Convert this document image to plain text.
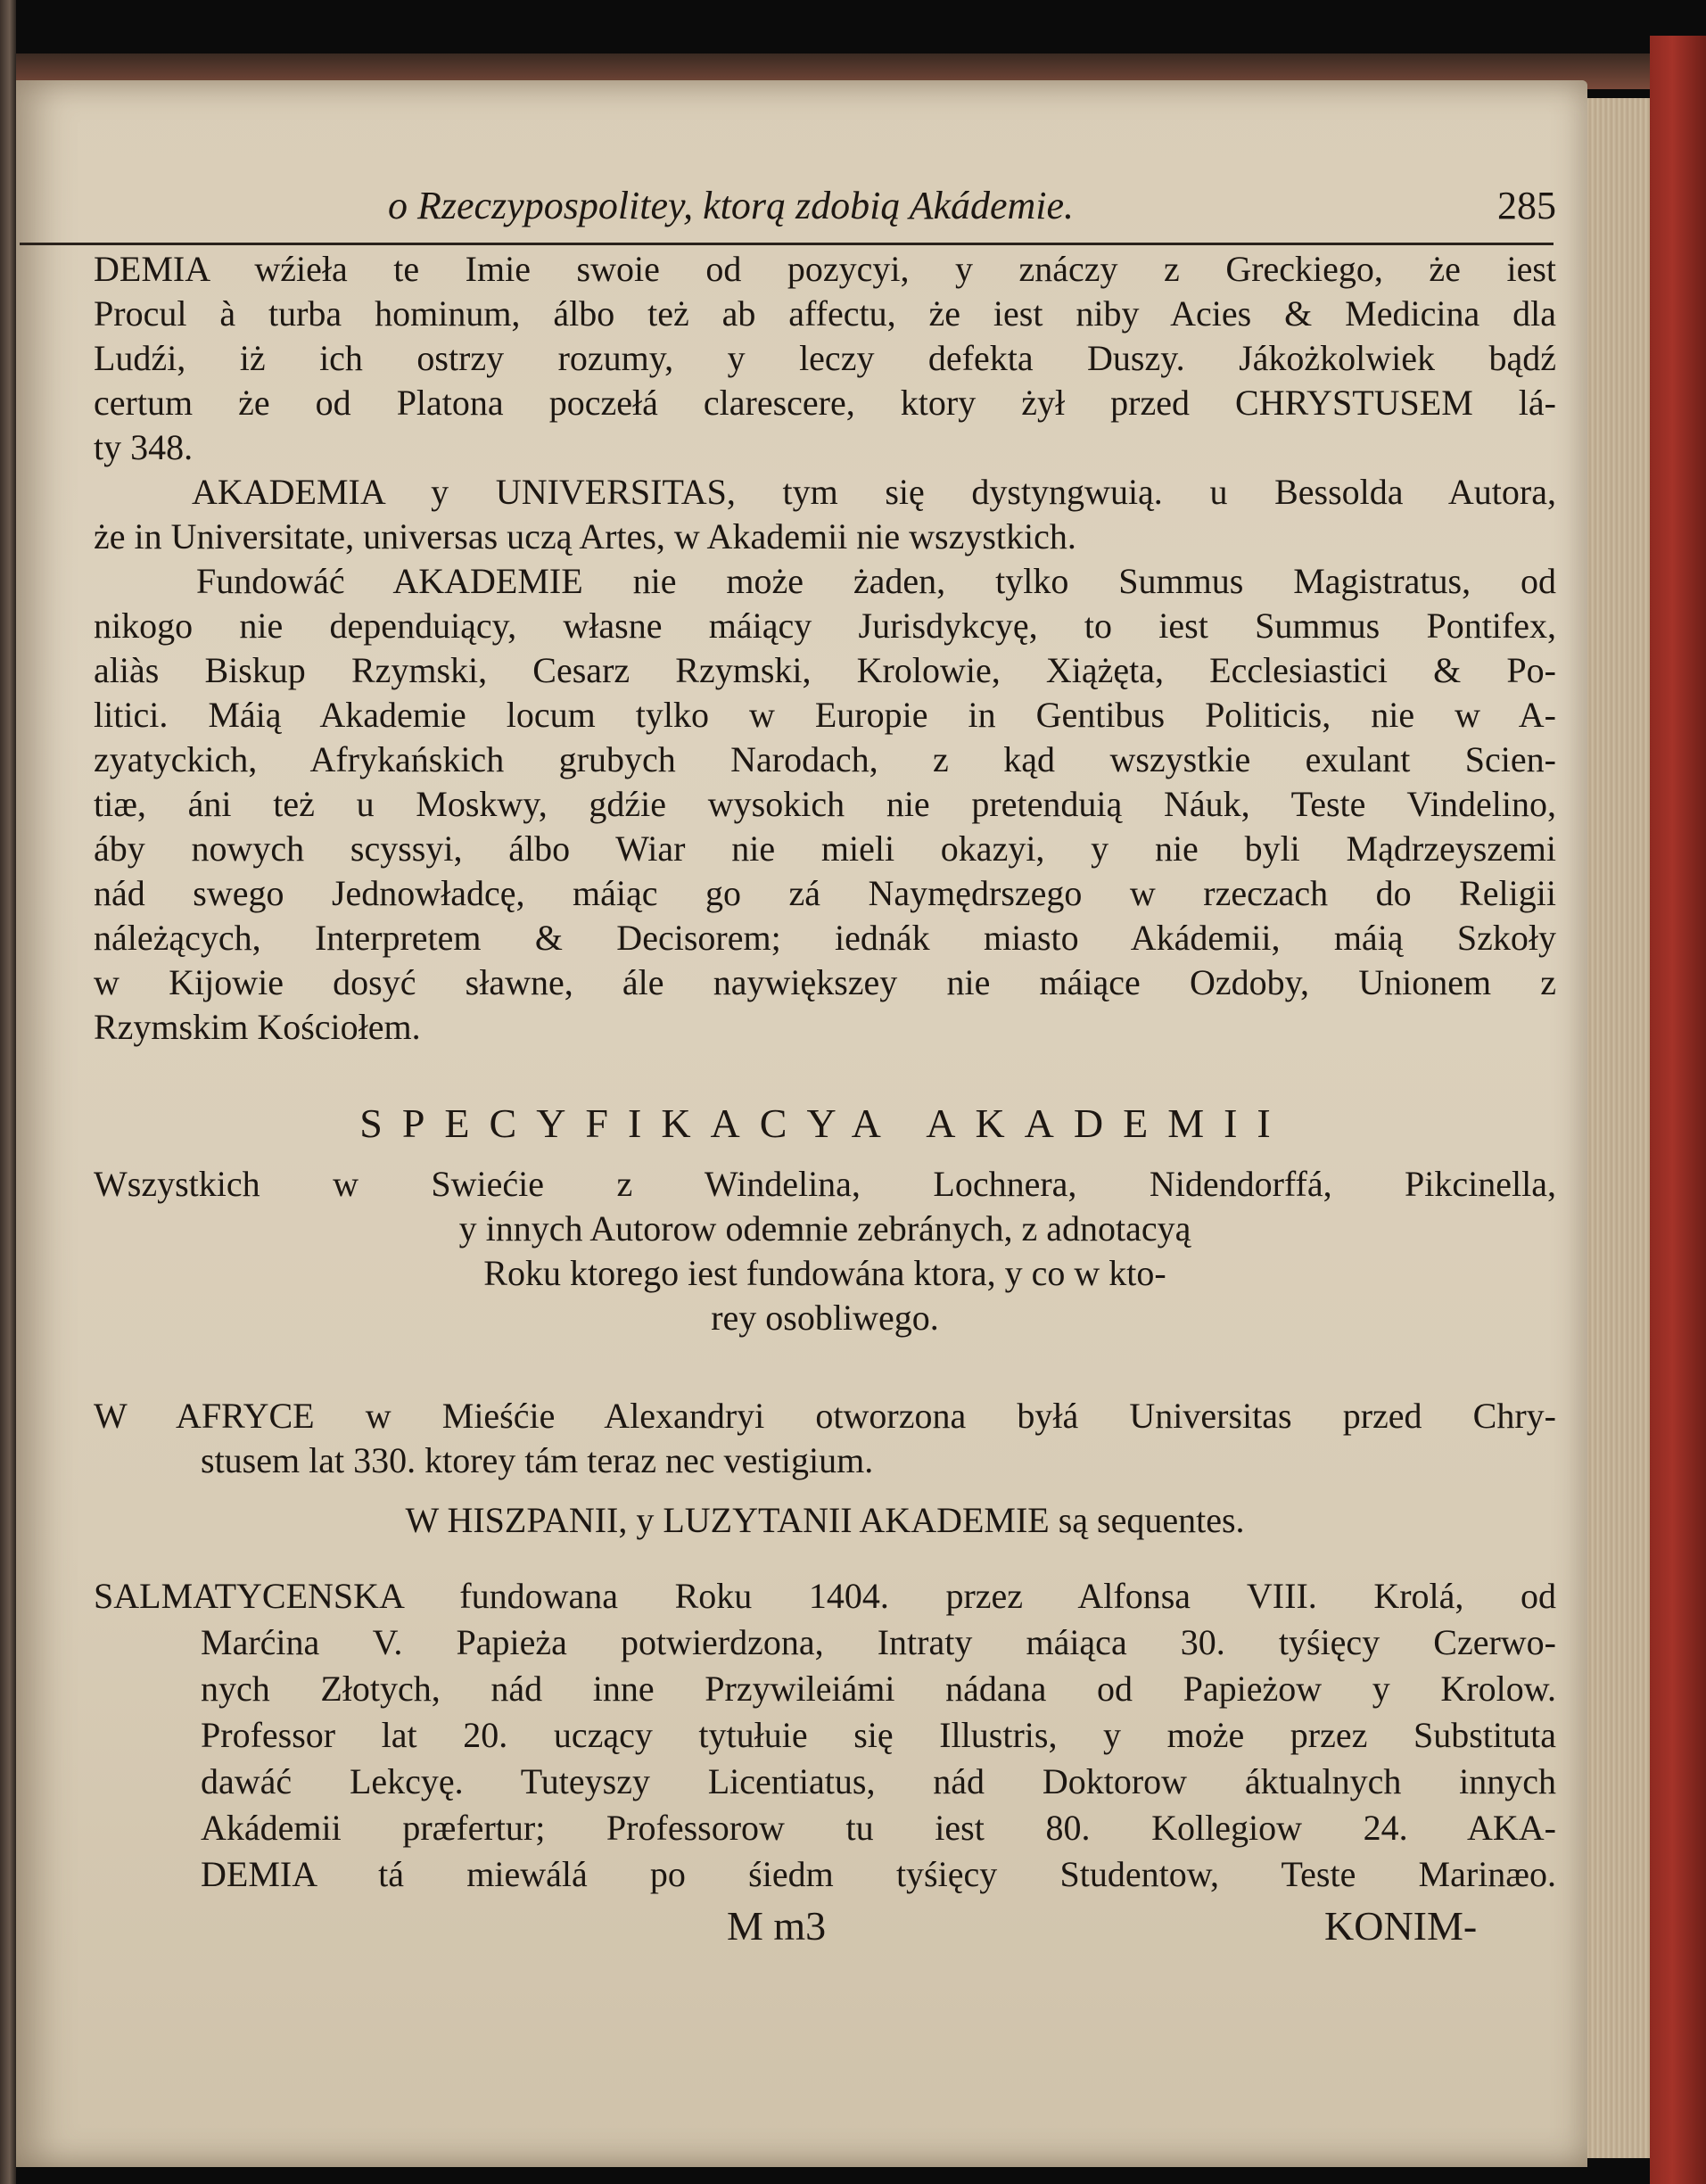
o Rzeczypospolitey, ktorą zdobią Akádemie.	285
DEMIA wźieła te Imie swoie od pozycyi, y znáczy z Greckiego, że iest
Procul à turba hominum, álbo też ab affectu, że iest niby Acies & Medicina dla
Ludźi, iż ich ostrzy rozumy, y leczy defekta Duszy. Jákożkolwiek bądź
certum że od Platona poczełá clarescere, ktory żył przed CHRYSTUSEM lá-
ty 348.
AKADEMIA y UNIVERSITAS, tym się dystyngwuią. u Bessolda Autora,
że in Universitate, universas uczą Artes, w Akademii nie wszystkich.
Fundowáć AKADEMIE nie może żaden, tylko Summus Magistratus, od
nikogo nie dependuiący, własne máiący Jurisdykcyę, to iest Summus Pontifex,
aliàs Biskup Rzymski, Cesarz Rzymski, Krolowie, Xiążęta, Ecclesiastici & Po-
litici. Máią Akademie locum tylko w Europie in Gentibus Politicis, nie w A-
zyatyckich, Afrykańskich grubych Narodach, z kąd wszystkie exulant Scien-
tiæ, áni też u Moskwy, gdźie wysokich nie pretenduią Náuk, Teste Vindelino,
áby nowych scyssyi, álbo Wiar nie mieli okazyi, y nie byli Mądrzeyszemi
nád swego Jednowładcę, máiąc go zá Naymędrszego w rzeczach do Religii
náleżących, Interpretem & Decisorem; iednák miasto Akádemii, máią Szkoły
w Kijowie dosyć sławne, ále naywiększey nie máiące Ozdoby, Unionem z
Rzymskim Kościołem.
SPECYFIKACYA AKADEMII
Wszystkich w Swiećie z Windelina, Lochnera, Nidendorffá, Pikcinella,
y innych Autorow odemnie zebránych, z adnotacyą
Roku ktorego iest fundowána ktora, y co w kto-
rey osobliwego.
W AFRYCE w Mieśćie Alexandryi otworzona byłá Universitas przed Chry-
stusem lat 330. ktorey tám teraz nec vestigium.
W HISZPANII, y LUZYTANII AKADEMIE są sequentes.
SALMATYCENSKA fundowana Roku 1404. przez Alfonsa VIII. Krolá, od
Marćina V. Papieża potwierdzona, Intraty máiąca 30. tyśięcy Czerwo-
nych Złotych, nád inne Przywileiámi nádana od Papieżow y Krolow.
Professor lat 20. uczący tytułuie się Illustris, y może przez Substituta
dawáć Lekcyę. Tuteyszy Licentiatus, nád Doktorow áktualnych innych
Akádemii præfertur; Professorow tu iest 80. Kollegiow 24. AKA-
DEMIA tá miewálá po śiedm tyśięcy Studentow, Teste Marinæo.
M m3	KONIM-
